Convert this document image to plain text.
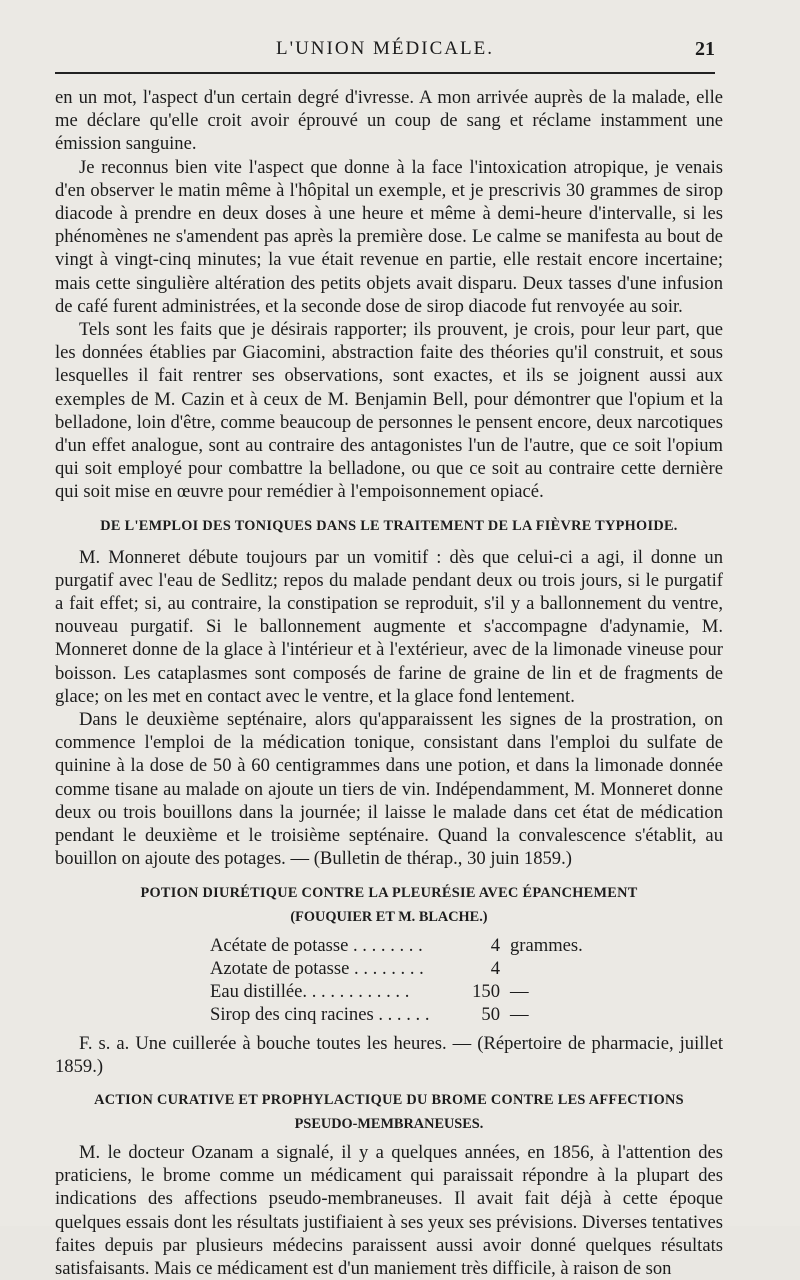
L'UNION MÉDICALE.	21

en un mot, l'aspect d'un certain degré d'ivresse. A mon arrivée auprès de la malade, elle me déclare qu'elle croit avoir éprouvé un coup de sang et réclame instamment une émission sanguine.

Je reconnus bien vite l'aspect que donne à la face l'intoxication atropique, je venais d'en observer le matin même à l'hôpital un exemple, et je prescrivis 30 grammes de sirop diacode à prendre en deux doses à une heure et même à demi-heure d'intervalle, si les phénomènes ne s'amendent pas après la première dose. Le calme se manifesta au bout de vingt à vingt-cinq minutes; la vue était revenue en partie, elle restait encore incertaine; mais cette singulière altération des petits objets avait disparu. Deux tasses d'une infusion de café furent administrées, et la seconde dose de sirop diacode fut renvoyée au soir.

Tels sont les faits que je désirais rapporter; ils prouvent, je crois, pour leur part, que les données établies par Giacomini, abstraction faite des théories qu'il construit, et sous lesquelles il fait rentrer ses observations, sont exactes, et ils se joignent aussi aux exemples de M. Cazin et à ceux de M. Benjamin Bell, pour démontrer que l'opium et la belladone, loin d'être, comme beaucoup de personnes le pensent encore, deux narcotiques d'un effet analogue, sont au contraire des antagonistes l'un de l'autre, que ce soit l'opium qui soit employé pour combattre la belladone, ou que ce soit au contraire cette dernière qui soit mise en œuvre pour remédier à l'empoisonnement opiacé.

DE L'EMPLOI DES TONIQUES DANS LE TRAITEMENT DE LA FIÈVRE TYPHOIDE.

M. Monneret débute toujours par un vomitif : dès que celui-ci a agi, il donne un purgatif avec l'eau de Sedlitz; repos du malade pendant deux ou trois jours, si le purgatif a fait effet; si, au contraire, la constipation se reproduit, s'il y a ballonnement du ventre, nouveau purgatif. Si le ballonnement augmente et s'accompagne d'adynamie, M. Monneret donne de la glace à l'intérieur et à l'extérieur, avec de la limonade vineuse pour boisson. Les cataplasmes sont composés de farine de graine de lin et de fragments de glace; on les met en contact avec le ventre, et la glace fond lentement.

Dans le deuxième septénaire, alors qu'apparaissent les signes de la prostration, on commence l'emploi de la médication tonique, consistant dans l'emploi du sulfate de quinine à la dose de 50 à 60 centigrammes dans une potion, et dans la limonade donnée comme tisane au malade on ajoute un tiers de vin. Indépendamment, M. Monneret donne deux ou trois bouillons dans la journée; il laisse le malade dans cet état de médication pendant le deuxième et le troisième septénaire. Quand la convalescence s'établit, au bouillon on ajoute des potages. — (Bulletin de thérap., 30 juin 1859.)

POTION DIURÉTIQUE CONTRE LA PLEURÉSIE AVEC ÉPANCHEMENT
(FOUQUIER ET M. BLACHE.)
Acétate de potasse . . . . . . . .	4 grammes.
Azotate de potasse . . . . . . . .	4
Eau distillée. . . . . . . . . . . .	150 —
Sirop des cinq racines . . . . . .	50 —

F. s. a. Une cuillerée à bouche toutes les heures. — (Répertoire de pharmacie, juillet 1859.)

ACTION CURATIVE ET PROPHYLACTIQUE DU BROME CONTRE LES AFFECTIONS
PSEUDO-MEMBRANEUSES.

M. le docteur Ozanam a signalé, il y a quelques années, en 1856, à l'attention des praticiens, le brome comme un médicament qui paraissait répondre à la plupart des indications des affections pseudo-membraneuses. Il avait fait déjà à cette époque quelques essais dont les résultats justifiaient à ses yeux ses prévisions. Diverses tentatives faites depuis par plusieurs médecins paraissent aussi avoir donné quelques résultats satisfaisants. Mais ce médicament est d'un maniement très difficile, à raison de son
